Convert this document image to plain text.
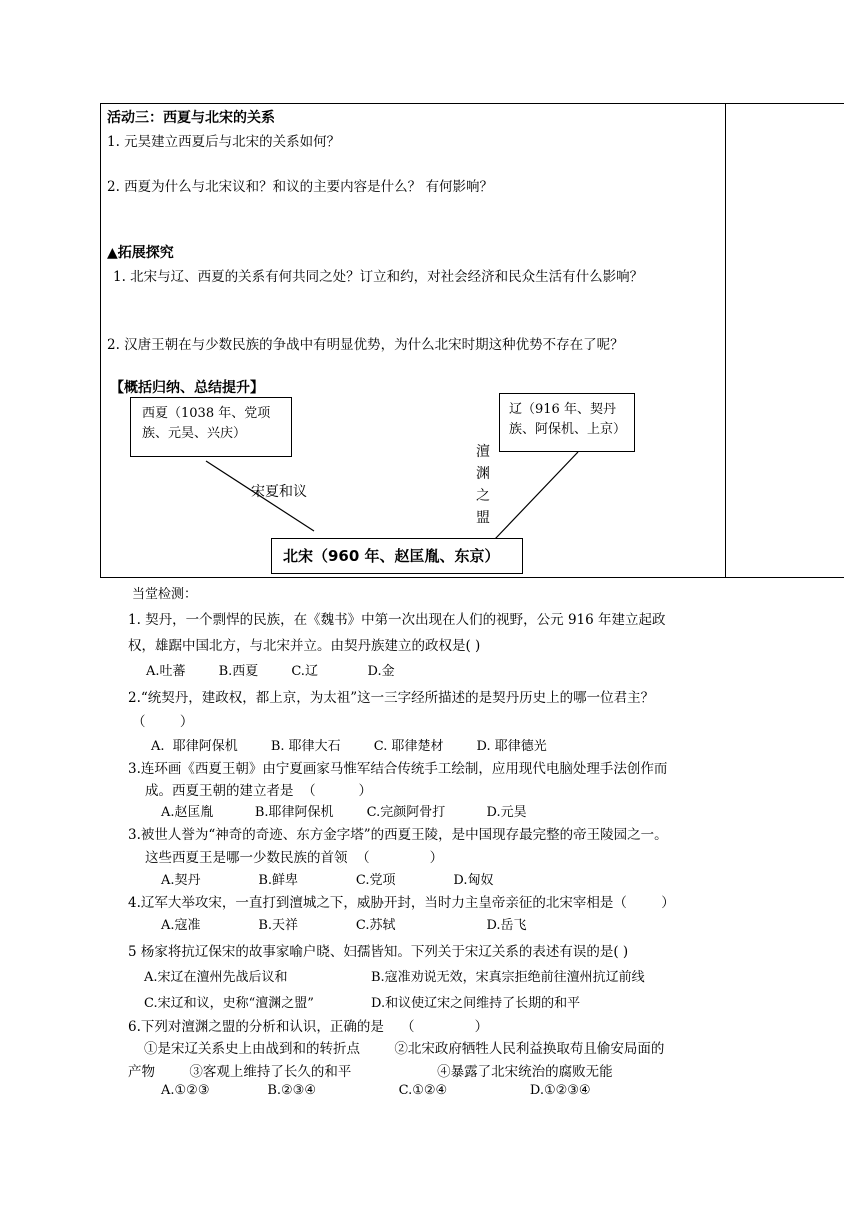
活动三：西夏与北宋的关系
1. 元昊建立西夏后与北宋的关系如何？
2. 西夏为什么与北宋议和？和议的主要内容是什么？ 有何影响？
▲拓展探究
1. 北宋与辽、西夏的关系有何共同之处？订立和约，对社会经济和民众生活有什么影响？
2. 汉唐王朝在与少数民族的争战中有明显优势，为什么北宋时期这种优势不存在了呢？
【概括归纳、总结提升】
西夏（1038 年、党项
族、元昊、兴庆）
辽（916 年、契丹
族、阿保机、上京）
宋夏和议
澶渊之盟
北宋（960 年、赵匡胤、东京）
当堂检测：
1. 契丹，一个剽悍的民族，在《魏书》中第一次出现在人们的视野，公元 916 年建立起政
权，雄踞中国北方，与北宋并立。由契丹族建立的政权是( )
A.吐蕃        B.西夏        C.辽            D.金
2.“统契丹，建政权，都上京，为太祖”这一三字经所描述的是契丹历史上的哪一位君主？
（        ）
A.  耶律阿保机        B. 耶律大石        C. 耶律楚材        D. 耶律德光
3.连环画《西夏王朝》由宁夏画家马惟军结合传统手工绘制，应用现代电脑处理手法创作而
成。西夏王朝的建立者是  （          ）
A.赵匡胤          B.耶律阿保机        C.完颜阿骨打          D.元昊
3.被世人誉为“神奇的奇迹、东方金字塔”的西夏王陵，是中国现存最完整的帝王陵园之一。
这些西夏王是哪一少数民族的首领  （              ）
A.契丹              B.鲜卑              C.党项              D.匈奴
4.辽军大举攻宋，一直打到澶城之下，威胁开封，当时力主皇帝亲征的北宋宰相是（        ）
A.寇准              B.天祥              C.苏轼                      D.岳飞
5 杨家将抗辽保宋的故事家喻户晓、妇孺皆知。下列关于宋辽关系的表述有误的是( )
A.宋辽在澶州先战后议和	B.寇准劝说无效，宋真宗拒绝前往澶州抗辽前线
C.宋辽和议，史称“澶渊之盟”	D.和议使辽宋之间维持了长期的和平
6.下列对澶渊之盟的分析和认识，正确的是    （              ）
①是宋辽关系史上由战到和的转折点        ②北宋政府牺牲人民利益换取苟且偷安局面的
产物        ③客观上维持了长久的和平                    ④暴露了北宋统治的腐败无能
A.①②③              B.②③④                    C.①②④                    D.①②③④
